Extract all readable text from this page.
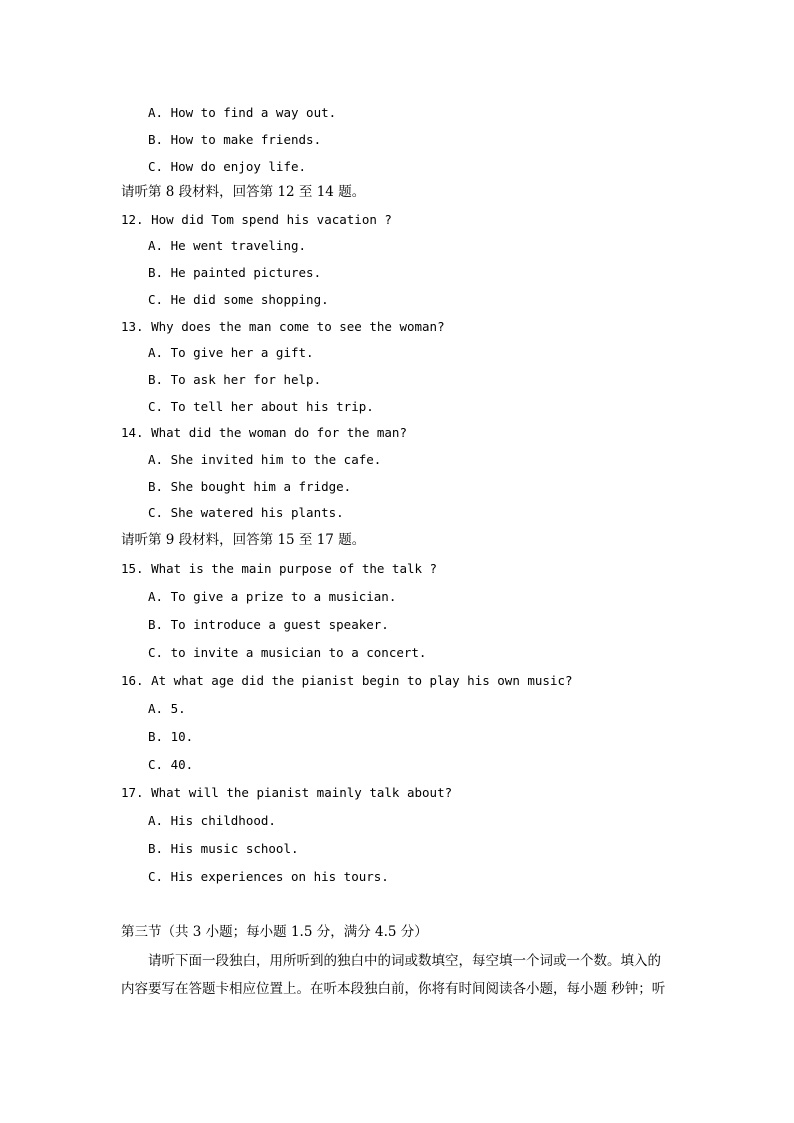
A. How to find a way out.
B. How to make friends.
C. How do enjoy life.
请听第 8 段材料，回答第 12 至 14 题。
12. How did Tom spend his vacation ?
A. He went traveling.
B. He painted pictures.
C. He did some shopping.
13. Why does the man come to see the woman?
A. To give her a gift.
B. To ask her for help.
C. To tell her about his trip.
14. What did the woman do for the man?
A. She invited him to the cafe.
B. She bought him a fridge.
C. She watered his plants.
请听第 9 段材料，回答第 15 至 17 题。
15. What is the main purpose of the talk ?
A. To give a prize to a musician.
B. To introduce a guest speaker.
C. to invite a musician to a concert.
16. At what age did the pianist begin to play his own music?
A. 5.
B. 10.
C. 40.
17. What will the pianist mainly talk about?
A. His childhood.
B. His music school.
C. His experiences on his tours.
第三节（共 3 小题；每小题 1.5 分，满分 4.5 分）
请听下面一段独白，用所听到的独白中的词或数填空，每空填一个词或一个数。填入的
内容要写在答题卡相应位置上。在听本段独白前，你将有时间阅读各小题，每小题 秒钟；听
